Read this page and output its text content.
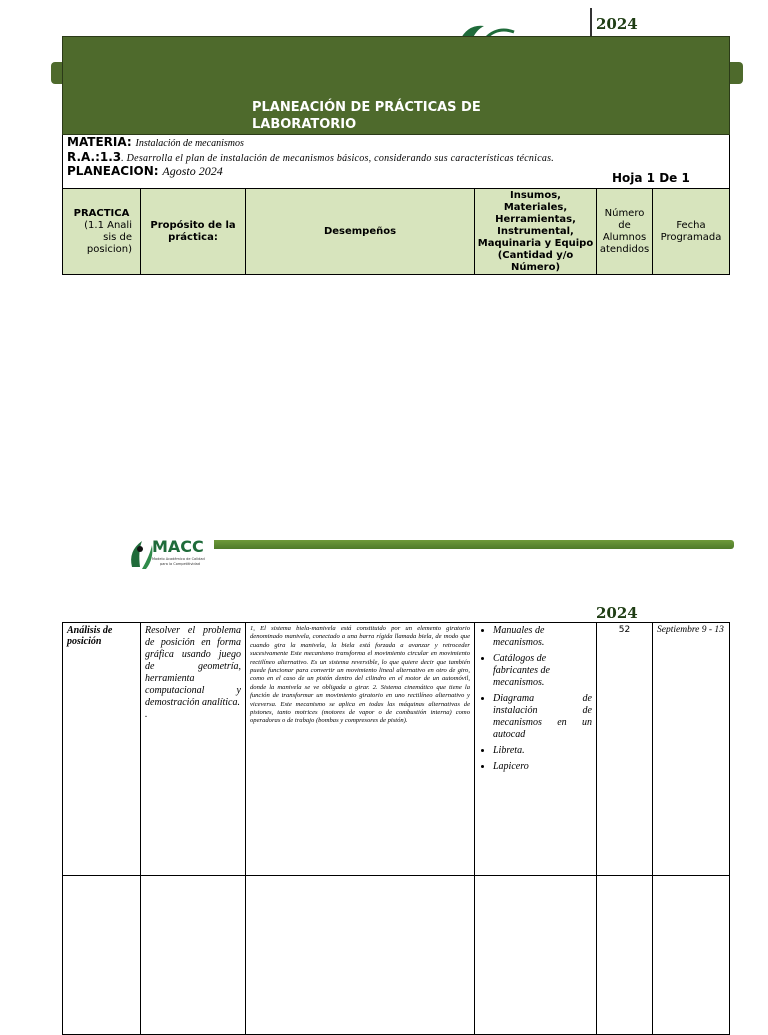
2024
PLANEACIÓN DE PRÁCTICAS DE
LABORATORIO
MATERIA: Instalación de mecanismos
R.A.:1.3. Desarrolla el plan de instalación de mecanismos básicos, considerando sus características técnicas.
PLANEACION: Agosto 2024	Hoja 1 De 1
PRACTICA
(1.1 Anali sis de posicion)
Propósito de la práctica:
Desempeños
Insumos, Materiales, Herramientas, Instrumental, Maquinaria y Equipo (Cantidad y/o Número)
Número de Alumnos atendidos
Fecha Programada
MACC
Modelo Académico de Calidad
para la Competitividad
2024
Análisis de posición
Resolver el problema de posición en forma gráfica usando juego de geometría, herramienta computacional y demostración analítica.
.
1, El sistema biela-manivela está constituido por un elemento giratorio denominado manivela, conectado a una barra rígida llamada biela, de modo que cuando gira la manivela, la biela está forzada a avanzar y retroceder sucesivamente Este mecanismo transforma el movimiento circular en movimiento rectilíneo alternativo. Es un sistema reversible, lo que quiere decir que también puede funcionar para convertir un movimiento lineal alternativo en otro de giro, como en el caso de un pistón dentro del cilindro en el motor de un automóvil, donde la manivela se ve obligada a girar. 2. Sistema cinemático que tiene la función de transformar un movimiento giratorio en uno rectilíneo alternativo y viceversa. Este mecanismo se aplica en todas las máquinas alternativas de pistones, tanto motrices (motores de vapor o de combustión interna) como operadoras o de trabajo (bombas y compresores de pistón).
• Manuales de mecanismos.
• Catálogos de fabricantes de mecanismos.
• Diagrama de instalación de mecanismos en un autocad
• Libreta.
• Lapicero
52	Septiembre 9 - 13
